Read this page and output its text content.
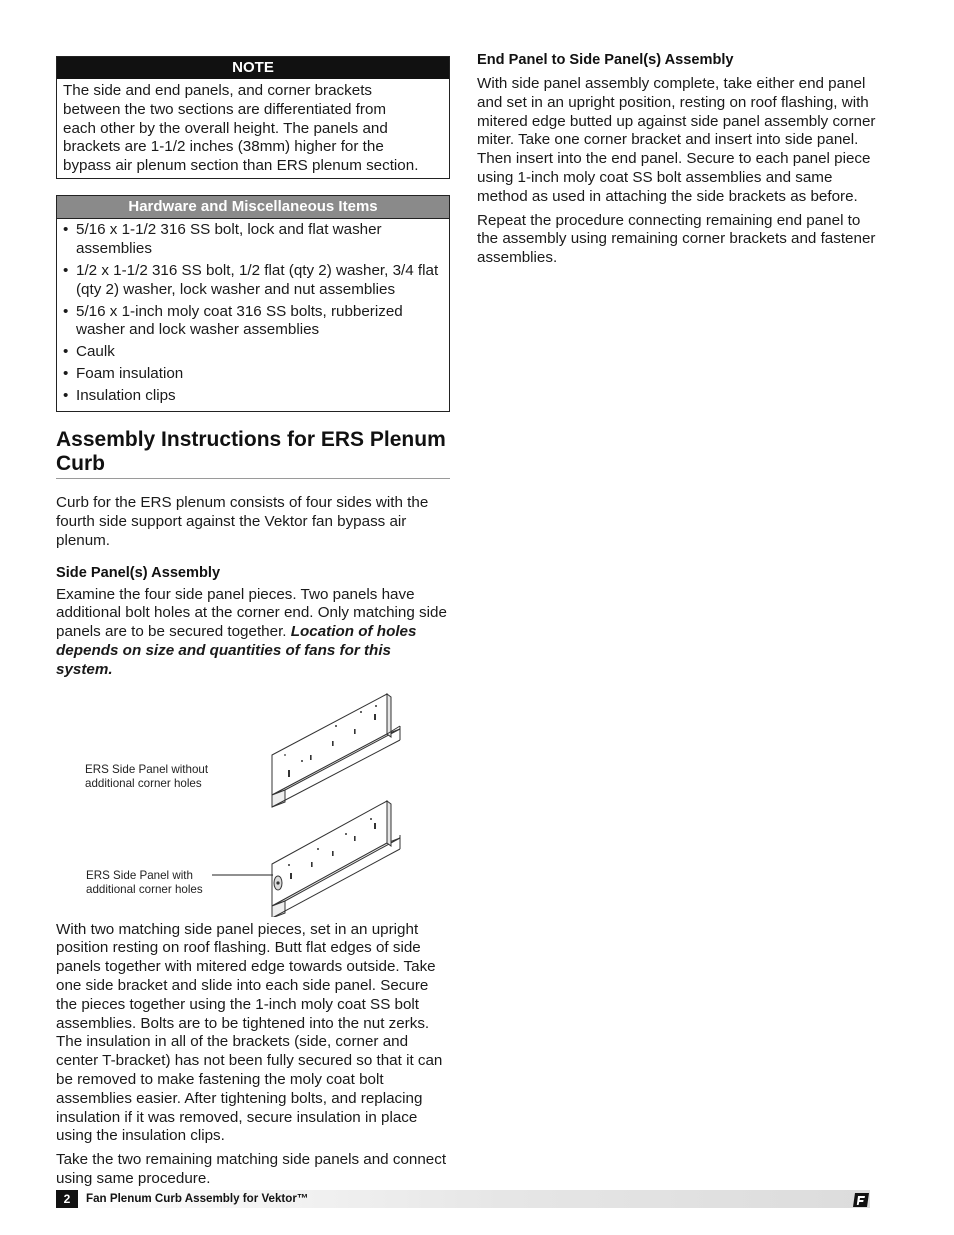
NOTE
The side and end panels, and corner brackets
between the two sections are differentiated from
each other by the overall height. The panels and
brackets are 1-1/2 inches (38mm) higher for the
bypass air plenum section than ERS plenum section.
Hardware and Miscellaneous Items
• 5/16 x 1-1/2 316 SS bolt, lock and flat washer assemblies
• 1/2 x 1-1/2 316 SS bolt, 1/2 flat (qty 2) washer, 3/4 flat (qty 2) washer, lock washer and nut assemblies
• 5/16 x 1-inch moly coat 316 SS bolts, rubberized washer and lock washer assemblies
• Caulk
• Foam insulation
• Insulation clips
Assembly Instructions for ERS Plenum Curb

Curb for the ERS plenum consists of four sides with the fourth side support against the Vektor fan bypass air plenum.

Side Panel(s) Assembly

Examine the four side panel pieces. Two panels have additional bolt holes at the corner end. Only matching side panels are to be secured together. Location of holes depends on size and quantities of fans for this system.

ERS Side Panel without
additional corner holes
ERS Side Panel with
additional corner holes

With two matching side panel pieces, set in an upright position resting on roof flashing. Butt flat edges of side panels together with mitered edge towards outside. Take one side bracket and slide into each side panel. Secure the pieces together using the 1-inch moly coat SS bolt assemblies. Bolts are to be tightened into the nut zerks. The insulation in all of the brackets (side, corner and center T-bracket) has not been fully secured so that it can be removed to make fastening the moly coat bolt assemblies easier. After tightening bolts, and replacing insulation if it was removed, secure insulation in place using the insulation clips.

Take the two remaining matching side panels and connect using same procedure.

End Panel to Side Panel(s) Assembly

With side panel assembly complete, take either end panel and set in an upright position, resting on roof flashing, with mitered edge butted up against side panel assembly corner miter. Take one corner bracket and insert into side panel. Then insert into the end panel. Secure to each panel piece using 1-inch moly coat SS bolt assemblies and same method as used in attaching the side brackets as before.

Repeat the procedure connecting remaining end panel to the assembly using remaining corner brackets and fastener assemblies.

2	Fan Plenum Curb Assembly for Vektor™
